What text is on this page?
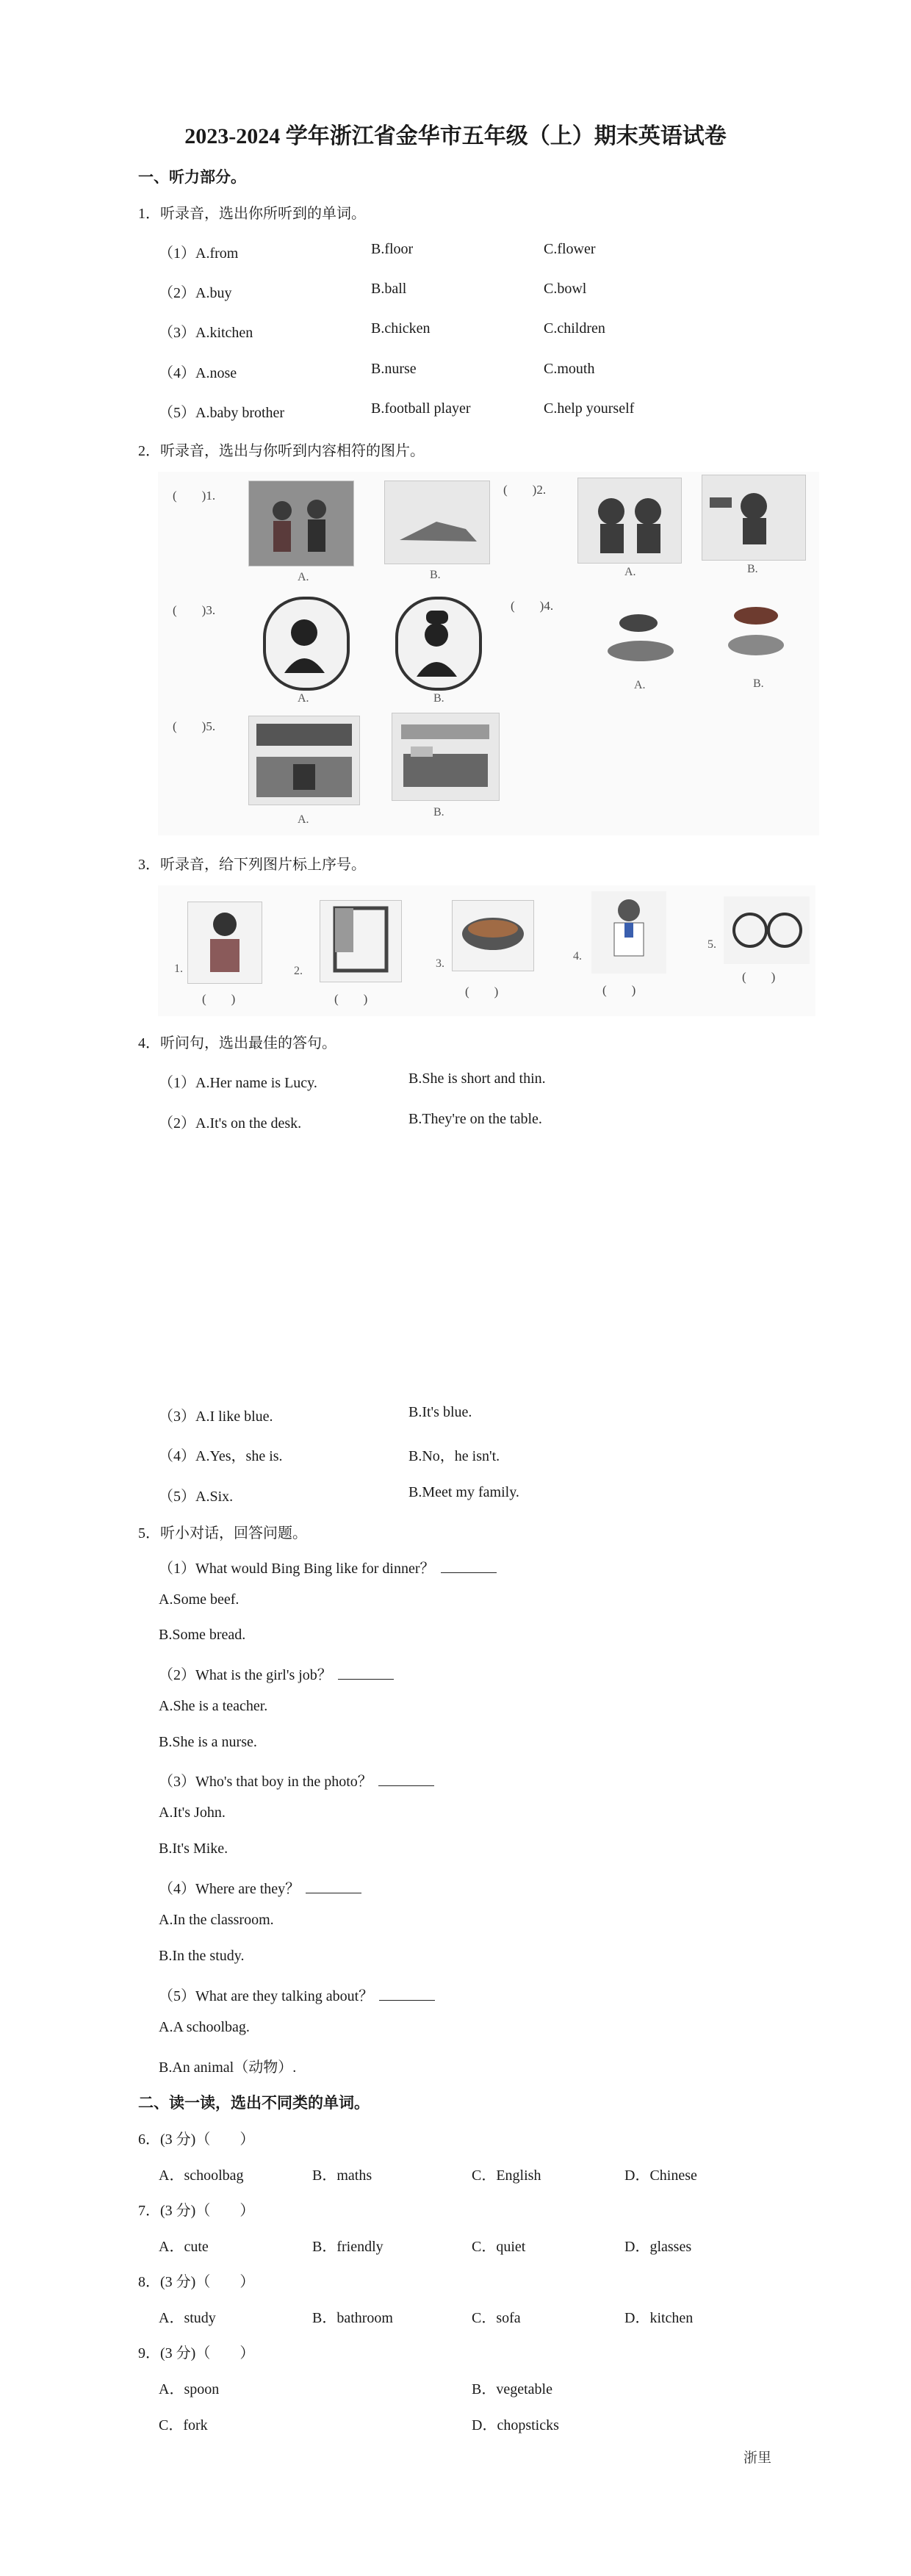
2023-2024 学年浙江省金华市五年级（上）期末英语试卷
一、听力部分。
1．听录音，选出你所听到的单词。
（1）A.from	B.floor	C.flower
（2）A.buy	B.ball	C.bowl
（3）A.kitchen	B.chicken	C.children
（4）A.nose	B.nurse	C.mouth
（5）A.baby brother	B.football player	C.help yourself
2．听录音，选出与你听到内容相符的图片。
(　　)1.
A.	B.
(　　)2.
A.	B.
(　　)3.
A.	B.
(　　)4.
A.	B.
(　　)5.
A.
B.
3．听录音，给下列图片标上序号。
1.
(　　)
2.
(　　)
3.
(　　)
4.
(　　)
5.
(　　)
4．听问句，选出最佳的答句。
（1）A.Her name is Lucy.	B.She is short and thin.
（2）A.It's on the desk.	B.They're on the table.
（3）A.I like blue.	B.It's blue.
（4）A.Yes，she is.	B.No，he isn't.
（5）A.Six.	B.Meet my family.
5．听小对话，回答问题。
（1）What would Bing Bing like for dinner？
A.Some beef.
B.Some bread.
（2）What is the girl's job？
A.She is a teacher.
B.She is a nurse.
（3）Who's that boy in the photo？
A.It's John.
B.It's Mike.
（4）Where are they？
A.In the classroom.
B.In the study.
（5）What are they talking about？
A.A schoolbag.
B.An animal（动物）.
二、读一读，选出不同类的单词。
6．(3 分)（　　）
A．schoolbag	B．maths	C．English	D．Chinese
7．(3 分)（　　）
A．cute	B．friendly	C．quiet	D．glasses
8．(3 分)（　　）
A．study	B．bathroom	C．sofa	D．kitchen
9．(3 分)（　　）
A．spoon	B．vegetable
C．fork	D．chopsticks
浙里
